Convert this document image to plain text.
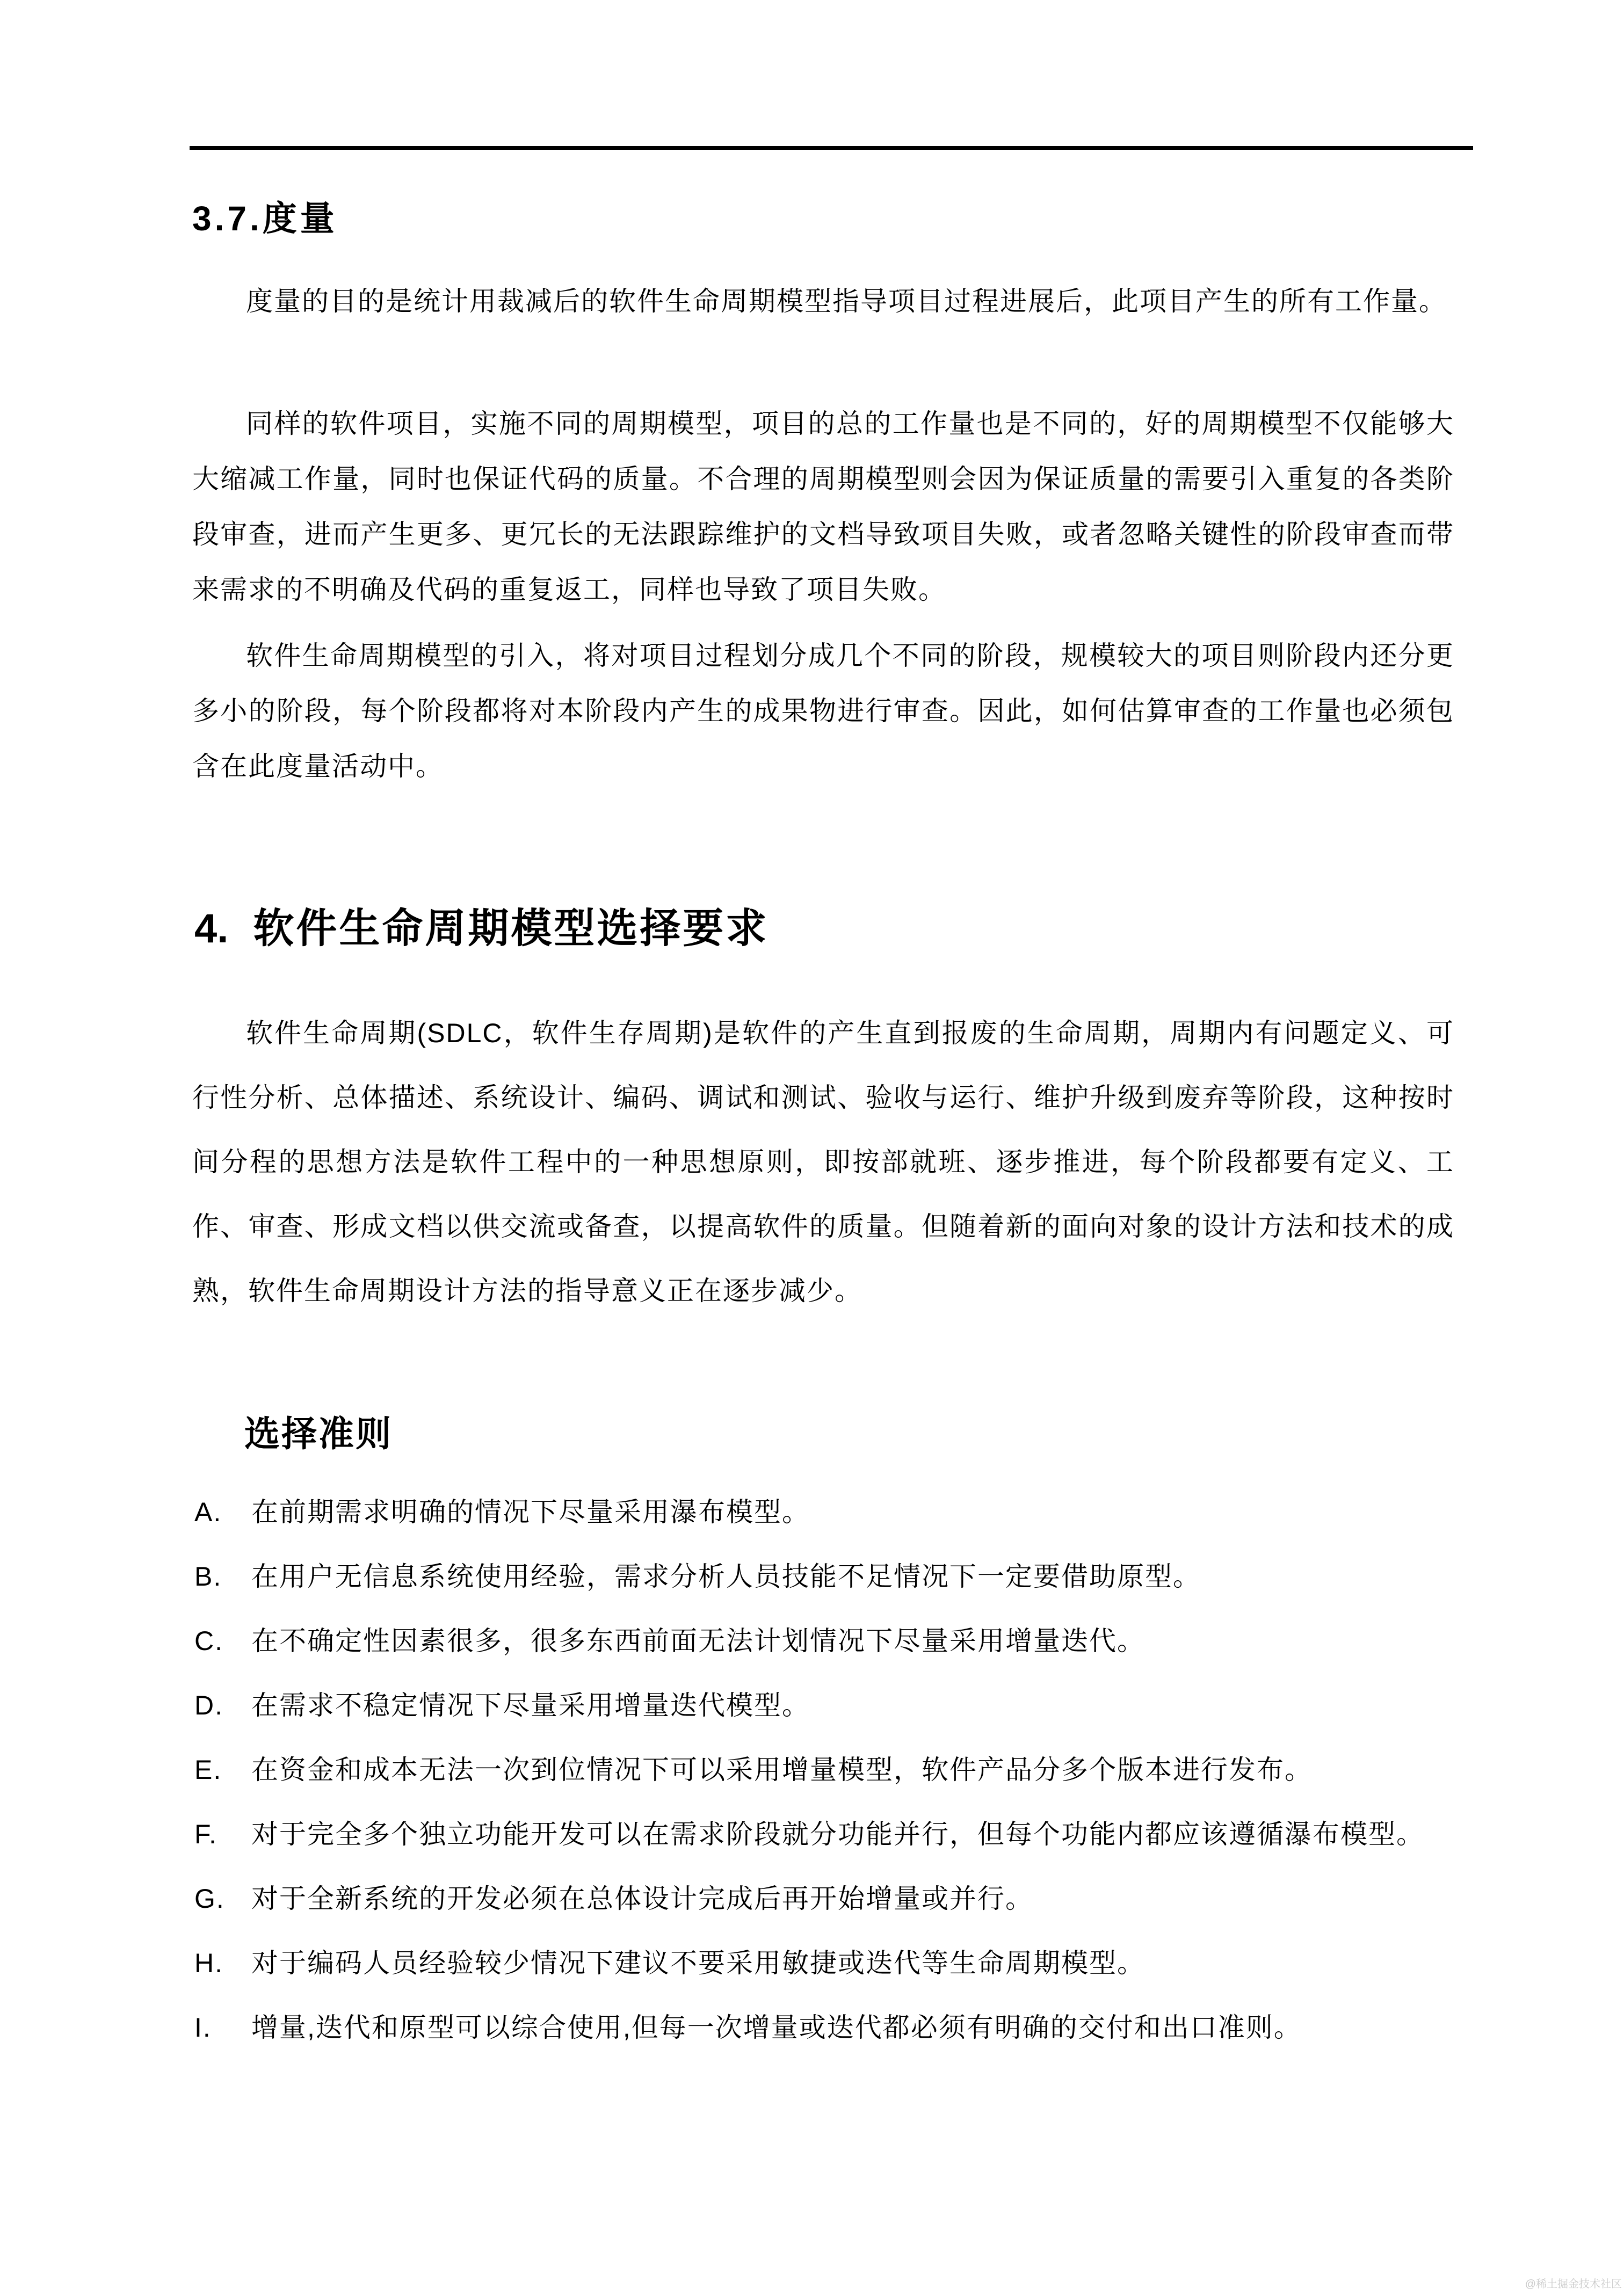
3.7.度量

度量的目的是统计用裁减后的软件生命周期模型指导项目过程进展后，此项目产生的所有工作量。

同样的软件项目，实施不同的周期模型，项目的总的工作量也是不同的，好的周期模型不仅能够大大缩减工作量，同时也保证代码的质量。不合理的周期模型则会因为保证质量的需要引入重复的各类阶段审查，进而产生更多、更冗长的无法跟踪维护的文档导致项目失败，或者忽略关键性的阶段审查而带来需求的不明确及代码的重复返工，同样也导致了项目失败。

软件生命周期模型的引入，将对项目过程划分成几个不同的阶段，规模较大的项目则阶段内还分更多小的阶段，每个阶段都将对本阶段内产生的成果物进行审查。因此，如何估算审查的工作量也必须包含在此度量活动中。

4. 软件生命周期模型选择要求

软件生命周期(SDLC，软件生存周期)是软件的产生直到报废的生命周期，周期内有问题定义、可行性分析、总体描述、系统设计、编码、调试和测试、验收与运行、维护升级到废弃等阶段，这种按时间分程的思想方法是软件工程中的一种思想原则，即按部就班、逐步推进，每个阶段都要有定义、工作、审查、形成文档以供交流或备查，以提高软件的质量。但随着新的面向对象的设计方法和技术的成熟，软件生命周期设计方法的指导意义正在逐步减少。

选择准则
A.	在前期需求明确的情况下尽量采用瀑布模型。
B.	在用户无信息系统使用经验，需求分析人员技能不足情况下一定要借助原型。
C.	在不确定性因素很多，很多东西前面无法计划情况下尽量采用增量迭代。
D.	在需求不稳定情况下尽量采用增量迭代模型。
E.	在资金和成本无法一次到位情况下可以采用增量模型，软件产品分多个版本进行发布。
F.	对于完全多个独立功能开发可以在需求阶段就分功能并行，但每个功能内都应该遵循瀑布模型。
G. 对于全新系统的开发必须在总体设计完成后再开始增量或并行。
H.	对于编码人员经验较少情况下建议不要采用敏捷或迭代等生命周期模型。
I.	增量,迭代和原型可以综合使用,但每一次增量或迭代都必须有明确的交付和出口准则。
@稀土掘金技术社区
